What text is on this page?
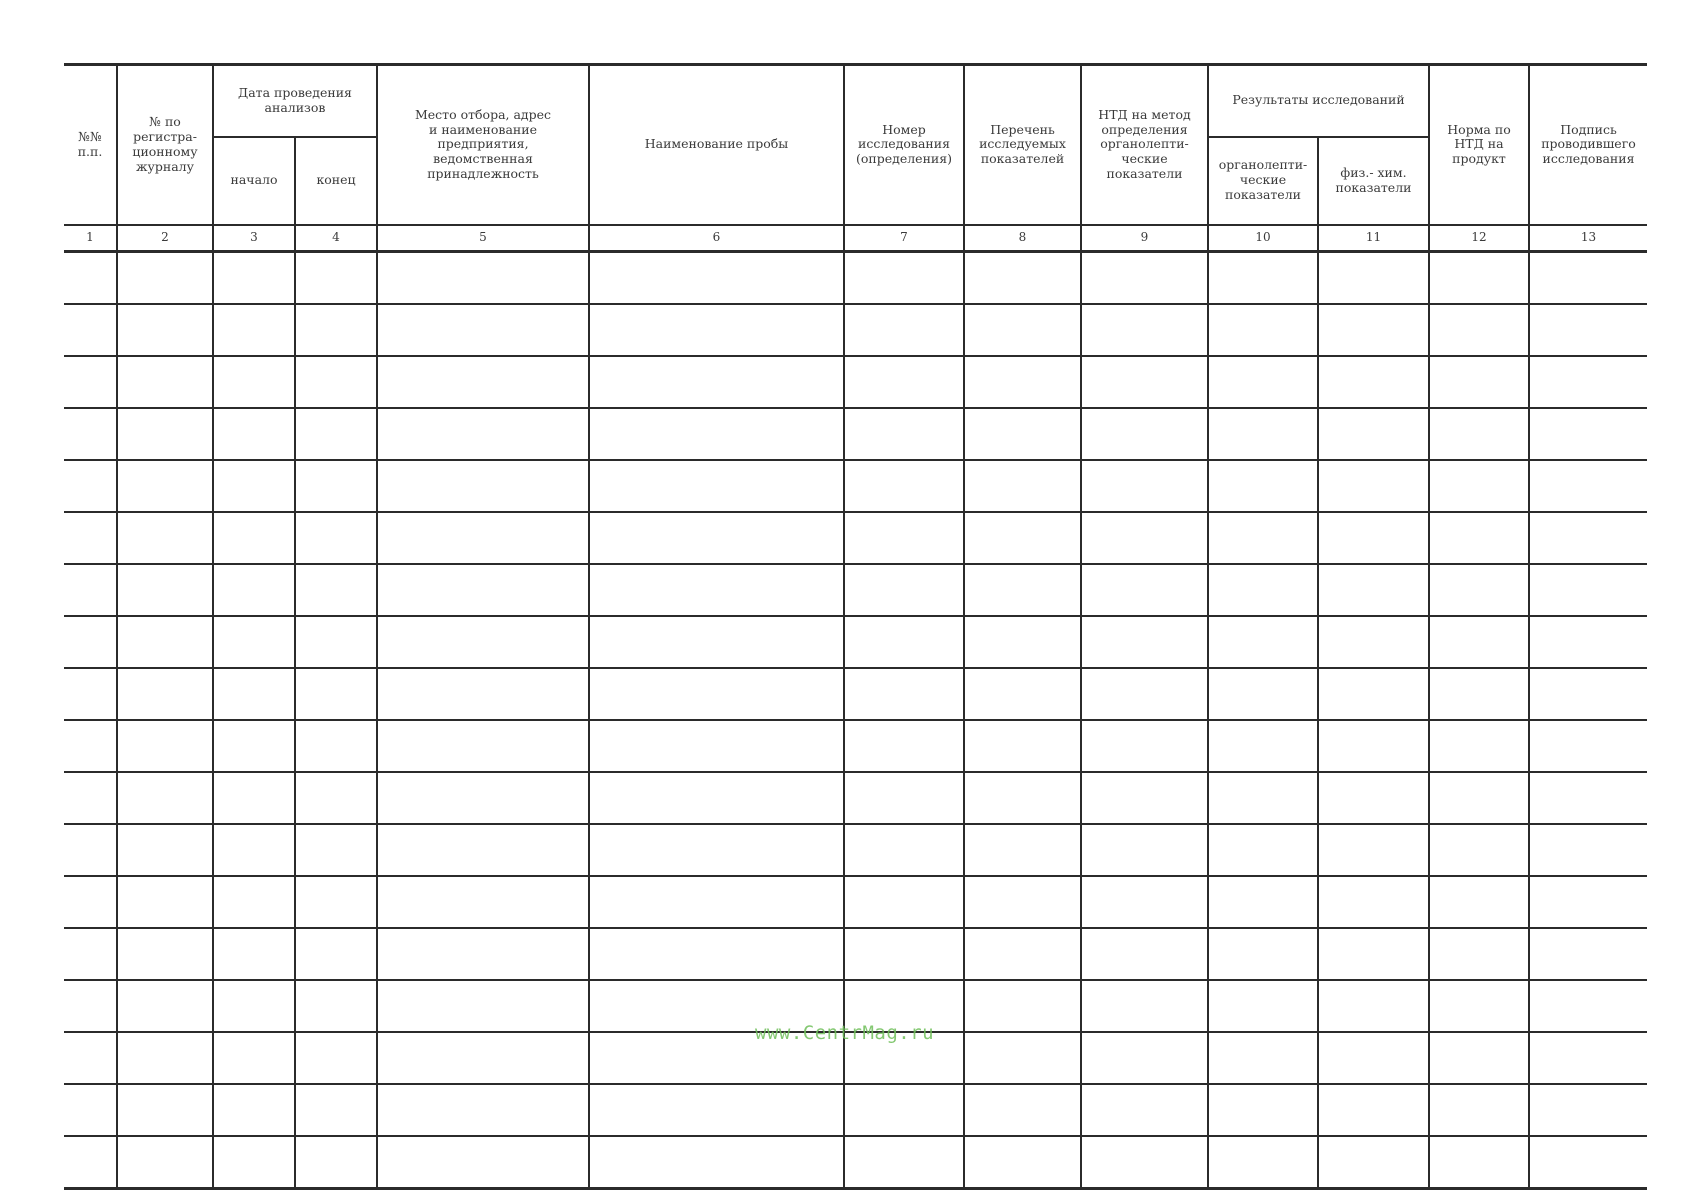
№№
п.п.	№ по
регистра-
ционному
журналу	Дата проведения
анализов		Место отбора, адрес
и наименование
предприятия,
ведомственная
принадлежность	Наименование пробы	Номер
исследования
(определения)	Перечень
исследуемых
показателей	НТД на метод
определения
органолепти-
ческие
показатели	Результаты исследований		Норма по
НТД на
продукт	Подпись
проводившего
исследования
		начало	конец						органолепти-
ческие
показатели	физ.- хим.
показатели		
1	2	3	4	5	6	7	8	9	10	11	12	13

www.CentrMag.ru
